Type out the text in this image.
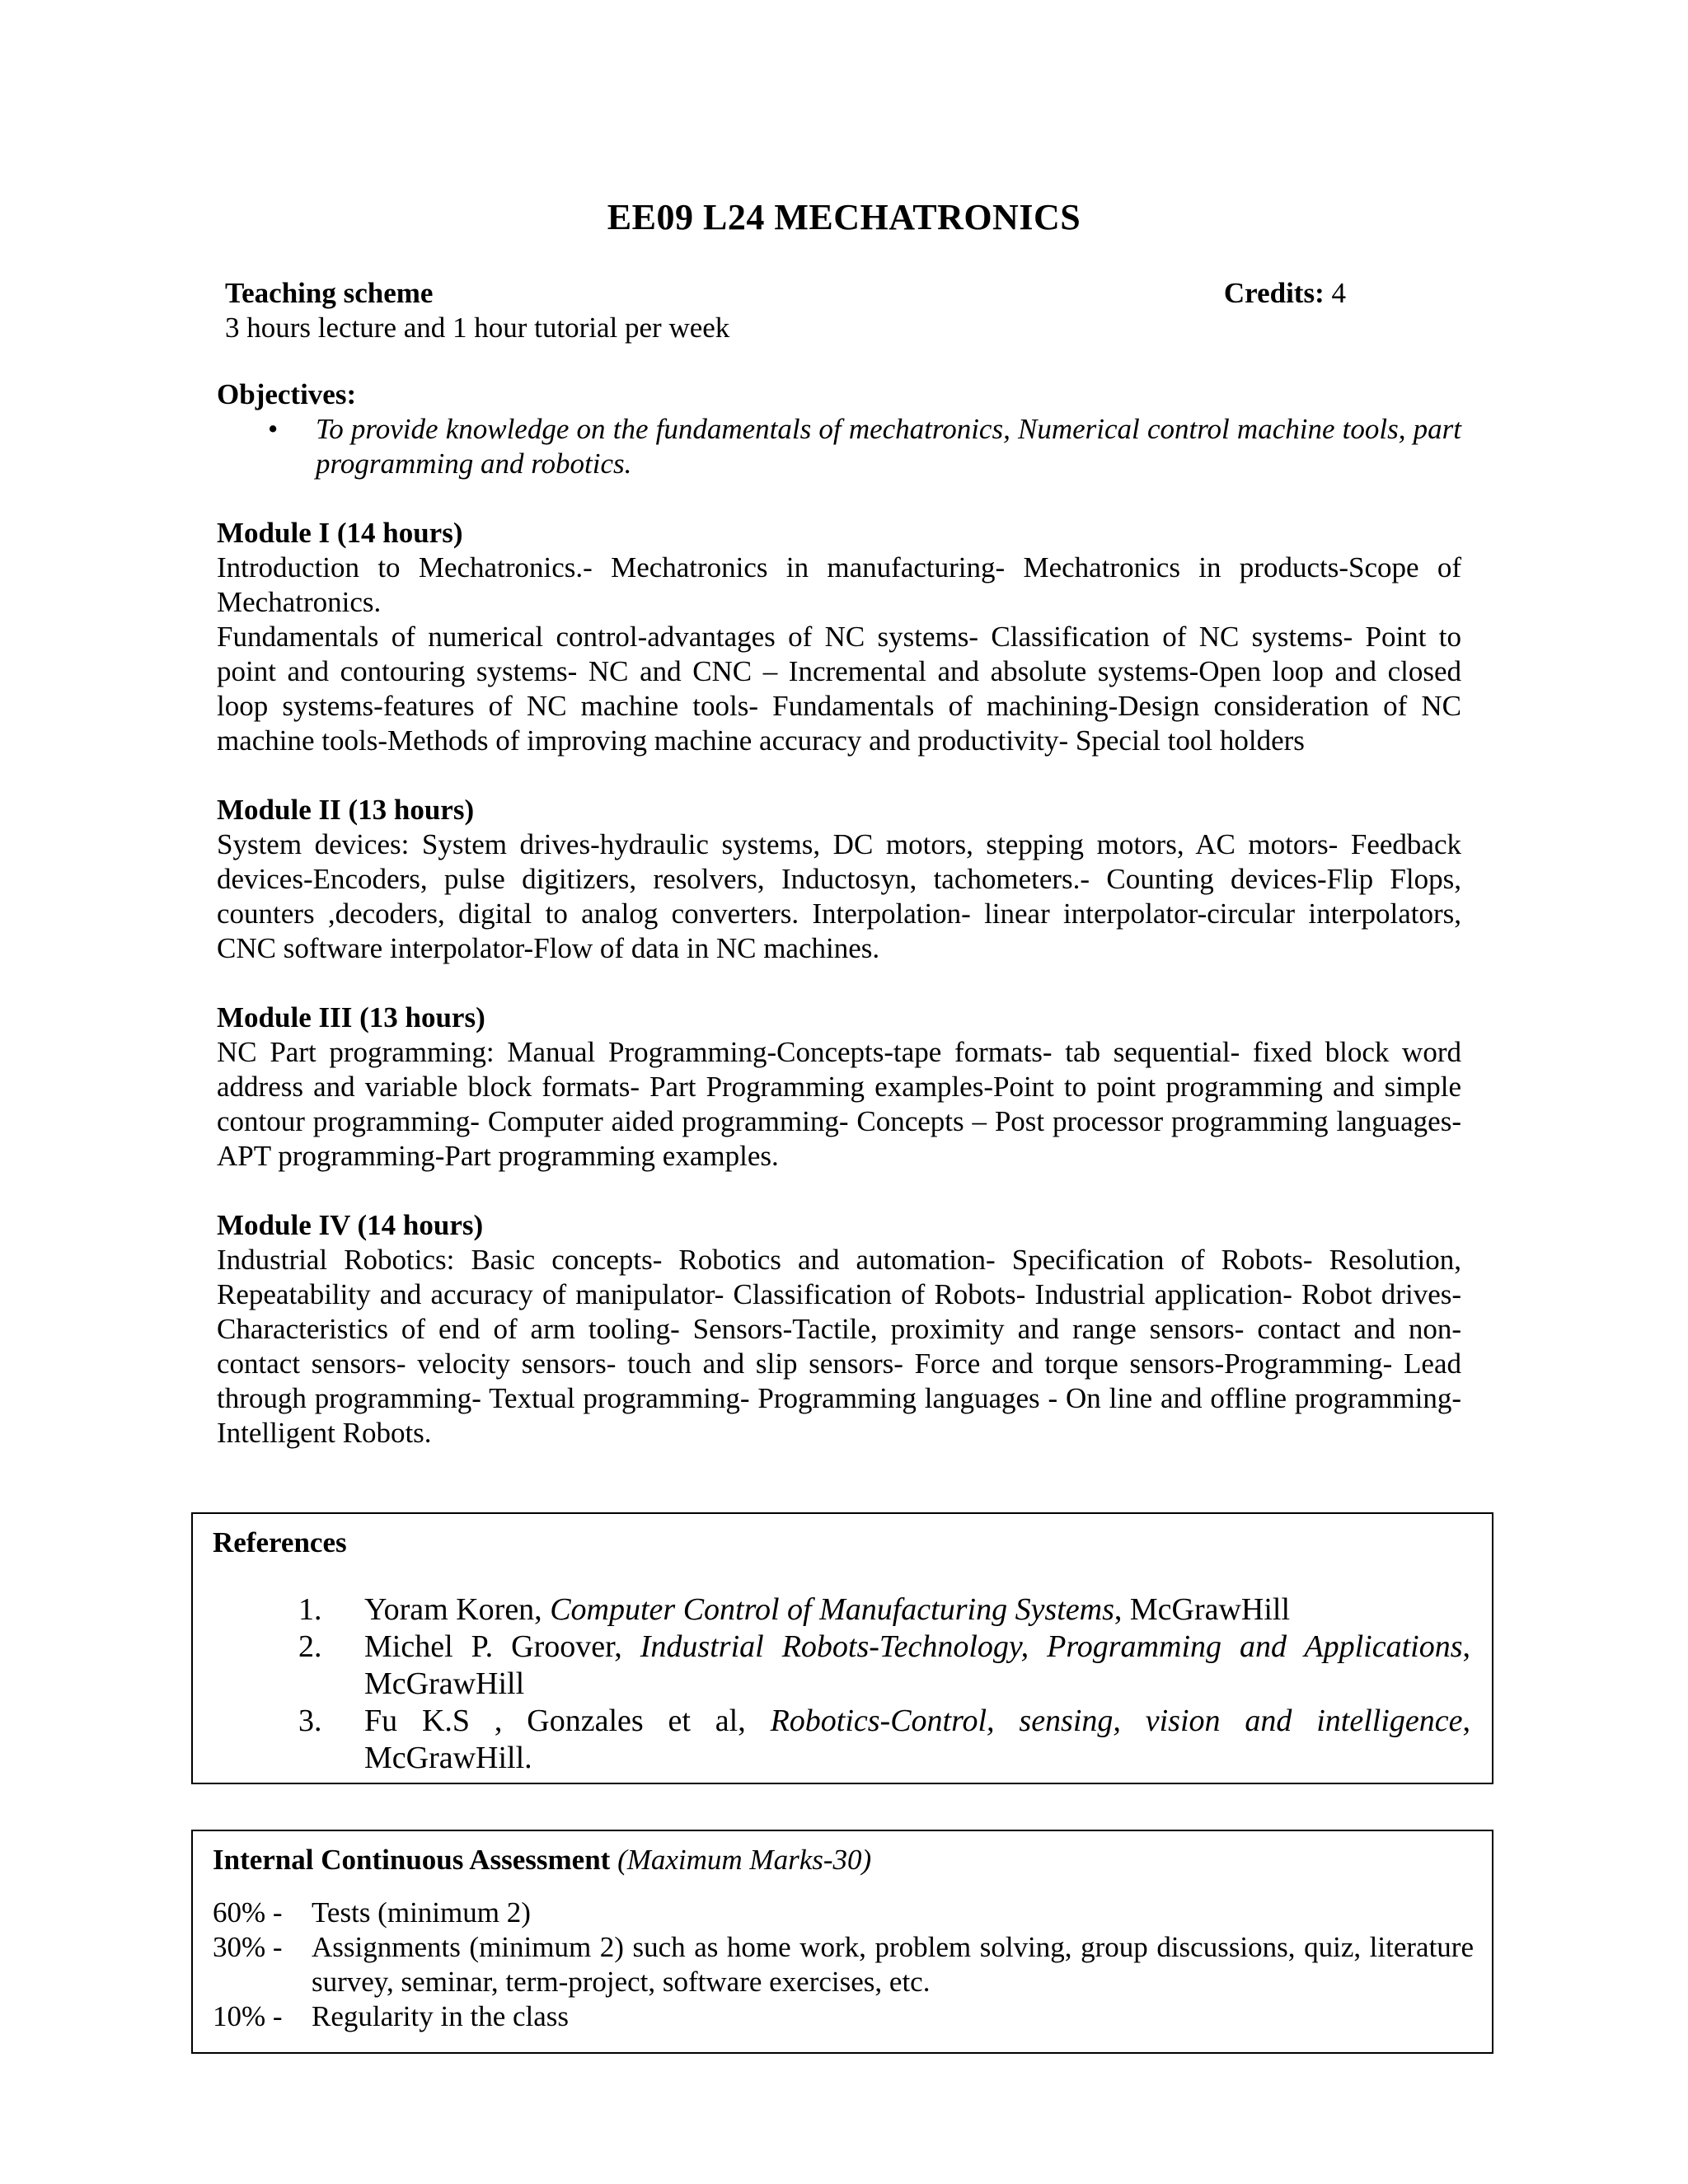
EE09 L24 MECHATRONICS
Teaching scheme	Credits: 4
3 hours lecture and 1 hour tutorial per week

Objectives:

• To provide knowledge on the fundamentals of mechatronics, Numerical control machine tools, part programming and robotics.

Module I (14 hours)

Introduction to Mechatronics.- Mechatronics in manufacturing- Mechatronics in products-Scope of Mechatronics.

Fundamentals of numerical control-advantages of NC systems- Classification of NC systems- Point to point and contouring systems- NC and CNC – Incremental and absolute systems-Open loop and closed loop systems-features of NC machine tools- Fundamentals of machining-Design consideration of NC machine tools-Methods of improving machine accuracy and productivity- Special tool holders

Module II (13 hours)

System devices: System drives-hydraulic systems, DC motors, stepping motors, AC motors- Feedback devices-Encoders, pulse digitizers, resolvers, Inductosyn, tachometers.- Counting devices-Flip Flops, counters ,decoders, digital to analog converters. Interpolation- linear interpolator-circular interpolators, CNC software interpolator-Flow of data in NC machines.

Module III (13 hours)

NC Part programming: Manual Programming-Concepts-tape formats- tab sequential- fixed block word address and variable block formats- Part Programming examples-Point to point programming and simple contour programming- Computer aided programming- Concepts – Post processor programming languages- APT programming-Part programming examples.

Module IV (14 hours)

Industrial Robotics: Basic concepts- Robotics and automation- Specification of Robots- Resolution, Repeatability and accuracy of manipulator- Classification of Robots- Industrial application- Robot drives- Characteristics of end of arm tooling- Sensors-Tactile, proximity and range sensors- contact and non-contact sensors- velocity sensors- touch and slip sensors- Force and torque sensors-Programming- Lead through programming- Textual programming- Programming languages - On line and offline programming- Intelligent Robots.

References
1. Yoram Koren, Computer Control of Manufacturing Systems, McGrawHill
2. Michel P. Groover, Industrial Robots-Technology, Programming and Applications, McGrawHill
3. Fu K.S , Gonzales et al, Robotics-Control, sensing, vision and intelligence, McGrawHill.
Internal Continuous Assessment (Maximum Marks-30)
60% - Tests (minimum 2)
30% - Assignments (minimum 2) such as home work, problem solving, group discussions, quiz, literature survey, seminar, term-project, software exercises, etc.
10% - Regularity in the class
